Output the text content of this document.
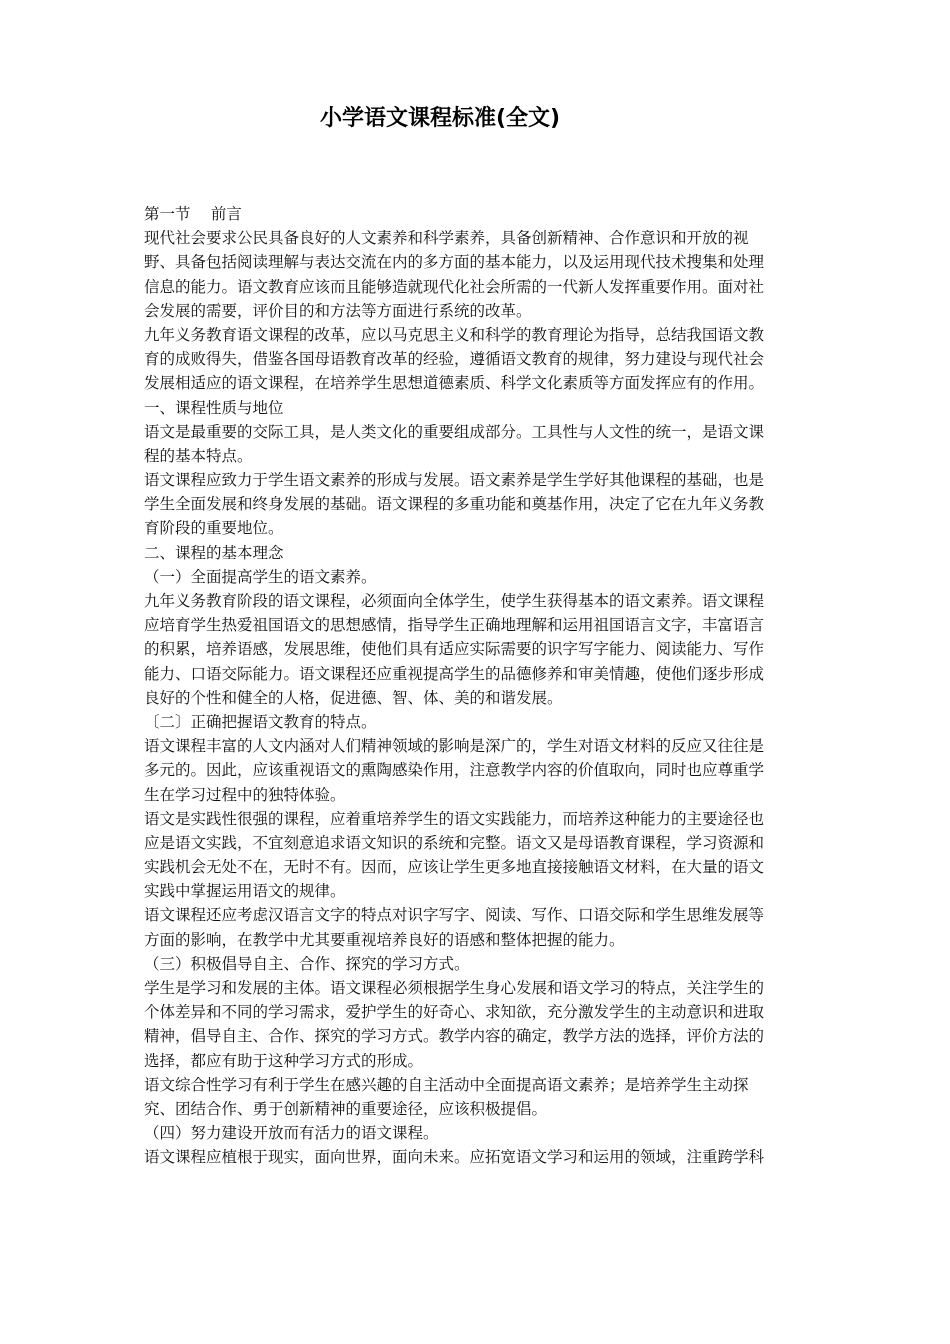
小学语文课程标准(全文)
第一节　 前言
现代社会要求公民具备良好的人文素养和科学素养，具备创新精神、合作意识和开放的视
野、具备包括阅读理解与表达交流在内的多方面的基本能力，以及运用现代技术搜集和处理
信息的能力。语文教育应该而且能够造就现代化社会所需的一代新人发挥重要作用。面对社
会发展的需要，评价目的和方法等方面进行系统的改革。
九年义务教育语文课程的改革，应以马克思主义和科学的教育理论为指导，总结我国语文教
育的成败得失，借鉴各国母语教育改革的经验，遵循语文教育的规律，努力建设与现代社会
发展相适应的语文课程，在培养学生思想道德素质、科学文化素质等方面发挥应有的作用。
一、课程性质与地位
语文是最重要的交际工具，是人类文化的重要组成部分。工具性与人文性的统一，是语文课
程的基本特点。
语文课程应致力于学生语文素养的形成与发展。语文素养是学生学好其他课程的基础，也是
学生全面发展和终身发展的基础。语文课程的多重功能和奠基作用，决定了它在九年义务教
育阶段的重要地位。
二、课程的基本理念
（一）全面提高学生的语文素养。
九年义务教育阶段的语文课程，必须面向全体学生，使学生获得基本的语文素养。语文课程
应培育学生热爱祖国语文的思想感情，指导学生正确地理解和运用祖国语言文字，丰富语言
的积累，培养语感，发展思维，使他们具有适应实际需要的识字写字能力、阅读能力、写作
能力、口语交际能力。语文课程还应重视提高学生的品德修养和审美情趣，使他们逐步形成
良好的个性和健全的人格，促进德、智、体、美的和谐发展。
〔二〕正确把握语文教育的特点。
语文课程丰富的人文内涵对人们精神领域的影响是深广的，学生对语文材料的反应又往往是
多元的。因此，应该重视语文的熏陶感染作用，注意教学内容的价值取向，同时也应尊重学
生在学习过程中的独特体验。
语文是实践性很强的课程，应着重培养学生的语文实践能力，而培养这种能力的主要途径也
应是语文实践，不宜刻意追求语文知识的系统和完整。语文又是母语教育课程，学习资源和
实践机会无处不在，无时不有。因而，应该让学生更多地直接接触语文材料，在大量的语文
实践中掌握运用语文的规律。
语文课程还应考虑汉语言文字的特点对识字写字、阅读、写作、口语交际和学生思维发展等
方面的影响，在教学中尤其要重视培养良好的语感和整体把握的能力。
（三）积极倡导自主、合作、探究的学习方式。
学生是学习和发展的主体。语文课程必须根据学生身心发展和语文学习的特点，关注学生的
个体差异和不同的学习需求，爱护学生的好奇心、求知欲，充分激发学生的主动意识和进取
精神，倡导自主、合作、探究的学习方式。教学内容的确定，教学方法的选择，评价方法的
选择，都应有助于这种学习方式的形成。
语文综合性学习有利于学生在感兴趣的自主活动中全面提高语文素养；是培养学生主动探
究、团结合作、勇于创新精神的重要途径，应该积极提倡。
（四）努力建设开放而有活力的语文课程。
语文课程应植根于现实，面向世界，面向未来。应拓宽语文学习和运用的领域，注重跨学科
